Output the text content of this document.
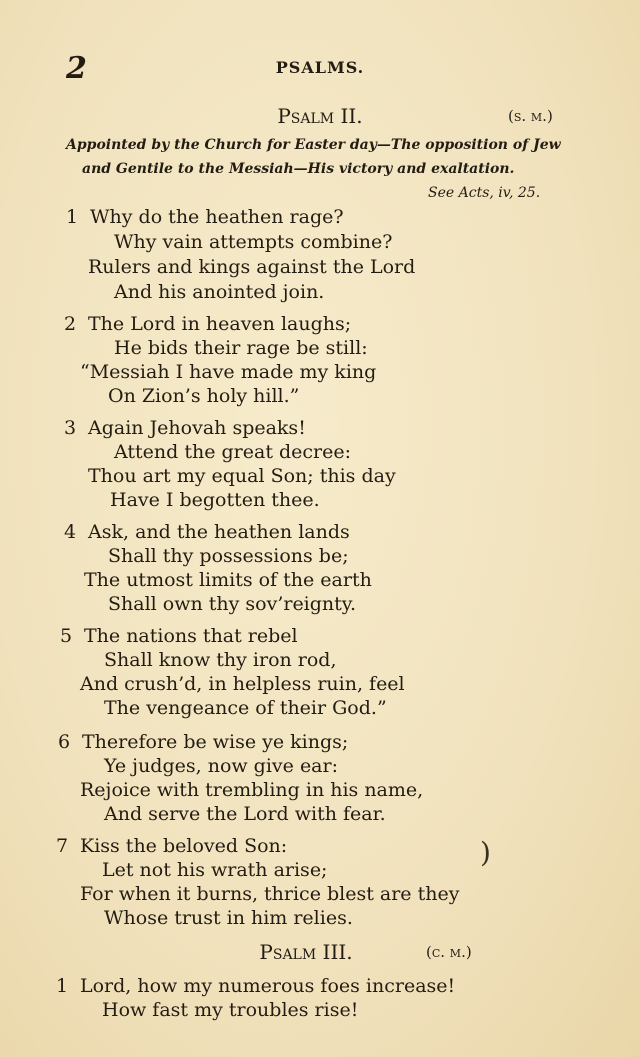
2	PSALMS.
Psalm II.	(s. m.)
Appointed by the Church for Easter day—The opposition of Jew
and Gentile to the Messiah—His victory and exaltation.
See Acts, iv, 25.
1 Why do the heathen rage?
Why vain attempts combine?
Rulers and kings against the Lord
And his anointed join.
2 The Lord in heaven laughs;
He bids their rage be still:
“Messiah I have made my king
On Zion’s holy hill.”
3 Again Jehovah speaks!
Attend the great decree:
Thou art my equal Son; this day
Have I begotten thee.
4 Ask, and the heathen lands
Shall thy possessions be;
The utmost limits of the earth
Shall own thy sov’reignty.
5 The nations that rebel
Shall know thy iron rod,
And crush’d, in helpless ruin, feel
The vengeance of their God.”
6 Therefore be wise ye kings;
Ye judges, now give ear:
Rejoice with trembling in his name,
And serve the Lord with fear.
7 Kiss the beloved Son:
Let not his wrath arise;
For when it burns, thrice blest are they
Whose trust in him relies.
)
Psalm III.	(c. m.)
1 Lord, how my numerous foes increase!
How fast my troubles rise!
